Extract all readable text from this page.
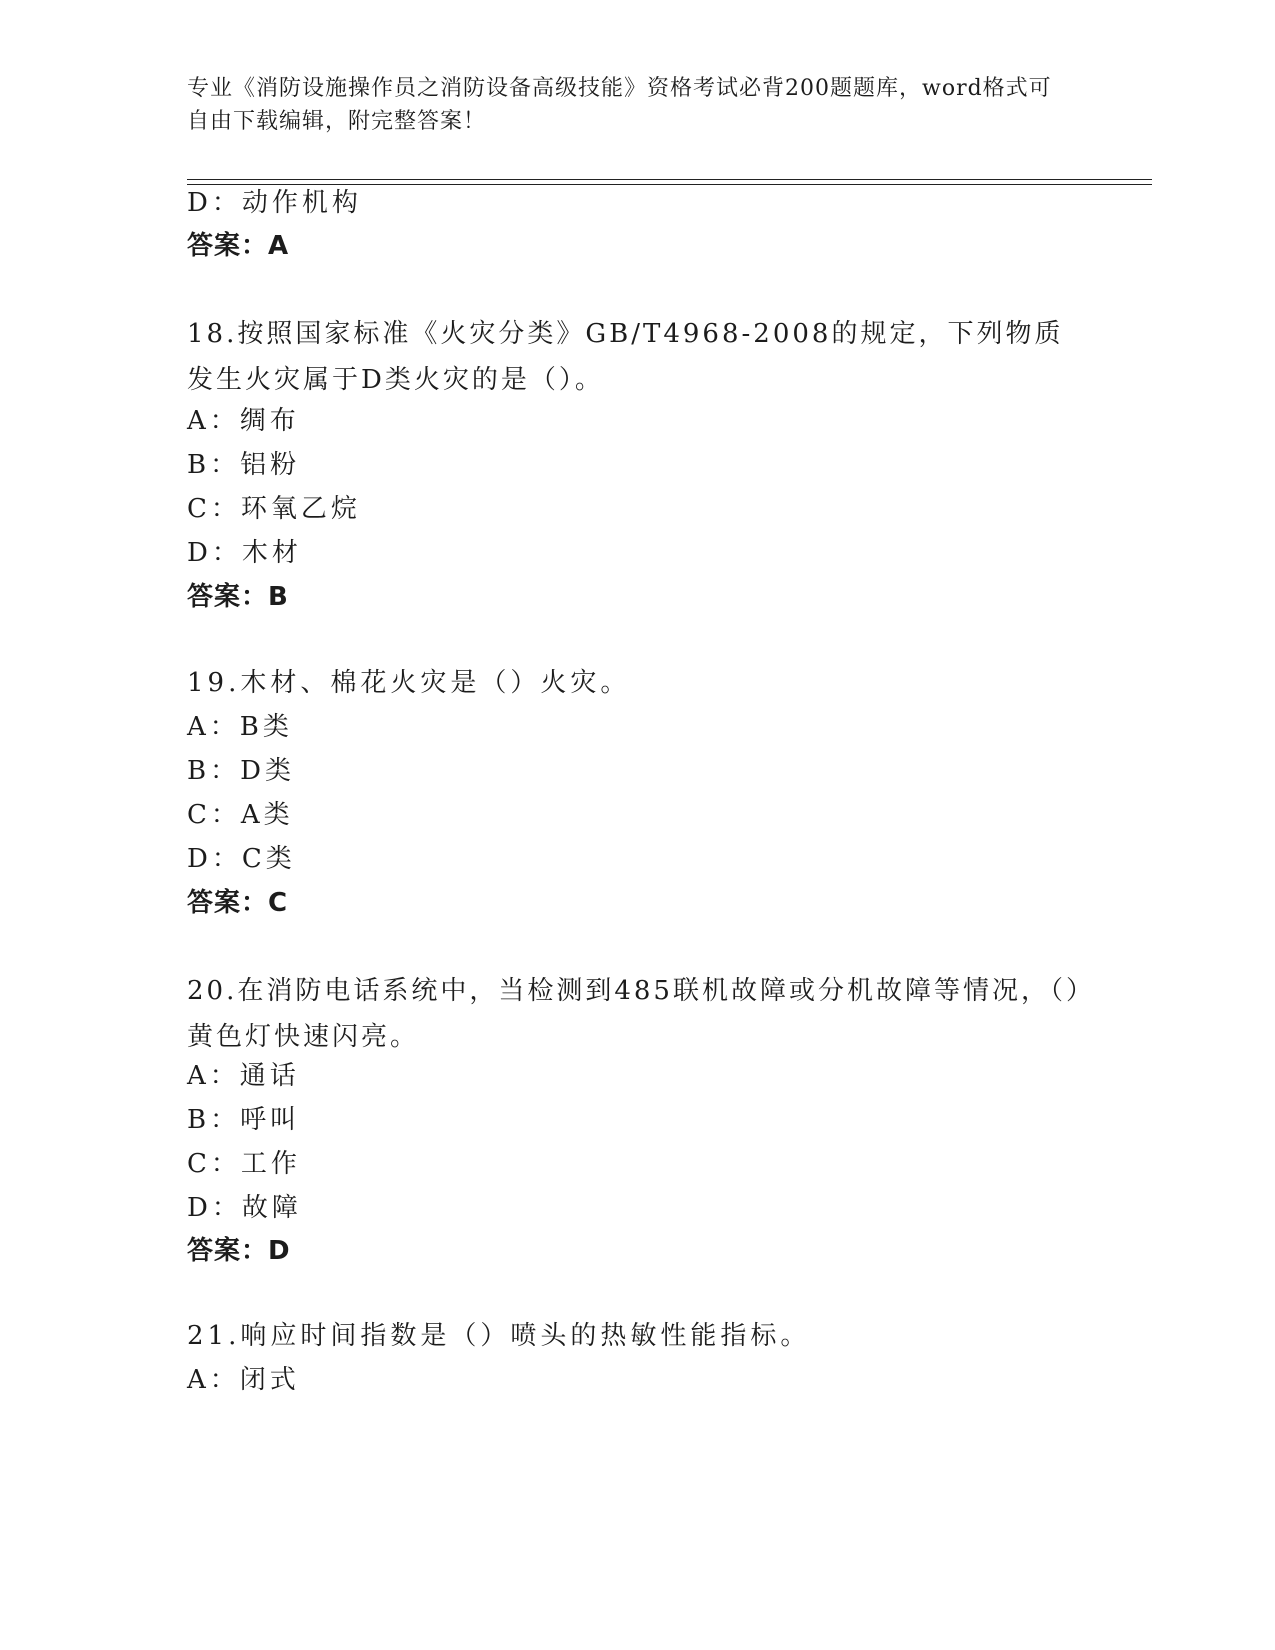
专业《消防设施操作员之消防设备高级技能》资格考试必背200题题库，word格式可自由下载编辑，附完整答案！
D：动作机构
答案：A
18.按照国家标准《火灾分类》GB/T4968-2008的规定，下列物质发生火灾属于D类火灾的是（）。
A：绸布
B：铝粉
C：环氧乙烷
D：木材
答案：B
19.木材、棉花火灾是（）火灾。
A：B类
B：D类
C：A类
D：C类
答案：C
20.在消防电话系统中，当检测到485联机故障或分机故障等情况，（）黄色灯快速闪亮。
A：通话
B：呼叫
C：工作
D：故障
答案：D
21.响应时间指数是（）喷头的热敏性能指标。
A：闭式
